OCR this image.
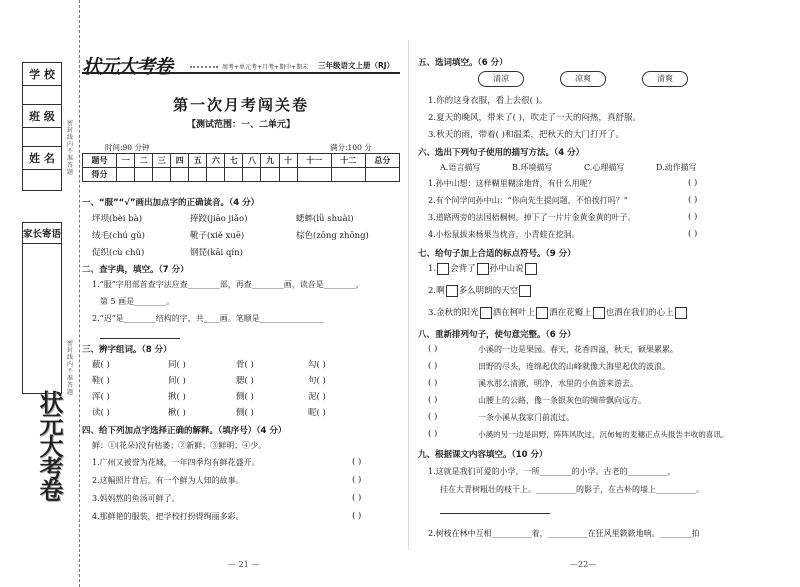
学 校
班 级
姓 名
家长寄语
密封线内不准答题
密封线内不准答题
状元大考卷
状元大考卷	周考+单元考+月考+期中+期末 三年级语文上册（RJ）
第一次月考闯关卷
【测试范围：一、二单元】
时间:90 分钟	满分:100 分
题号	一	二	三	四	五	六	七	八	九	十	十一	十二	总分
得分													
一、“服”“√”画出加点字的正确读音。（4 分）
坪坝(bèi bà)	捧跤(jiāo jiǎo)	蟋蟀(lǜ shuài)
绒毛(chú gǔ)	靴子(xiě xuē)	棕色(zōng zhōng)
促织(cù chǔ)	钢琵(kāi qín)
二、查字典，填空。（7 分）
1.“服”字用部首查字法应查________部，再查________画，读音是________，
第 5 画是________。
2.“迟”是________结构的字，共____画。笔顺是________________
三、辨字组词。（8 分）
蔽( )	同( )	骨( )	勾( )
鞋( )	间( )	腮( )	句( )
浑( )	揪( )	侧( )	泥( )
读( )	楸( )	侧( )	昵( )
四、给下列加点字选择正确的解释。（填序号）（4 分）
鲜：①(花朵)没有枯萎；②新鲜；③鲜明；④少。
1.广州又被誉为花城，一年四季均有鲜花盛开。	( )
2.这幅照片背后，有一个鲜为人知的故事。	( )
3.妈妈熬的鱼汤可鲜了。	( )
4.那鲜艳的服装，把学校打扮得绚丽多彩。	( )
— 21 —
五、选词填空。（6 分）
清凉	凉爽	清爽
1.你的这身衣服，看上去很( )。
2.夏天的晚风，带来了( )，吹走了一天的闷热，真舒服。
3.秋天的雨，带着( )和温柔，把秋天的大门打开了。
六、选出下列句子使用的描写方法。（4 分）
A.语言描写	B.环境描写	C.心理描写	D.动作描写
1.孙中山想：这样糊里糊涂地背，有什么用呢？	( )
2.有个同学问孙中山：“你向先生提问题，不怕挨打吗？”	( )
3.道路两旁的法国梧桐树，掉下了一片片金黄金黄的叶子。	( )
4.小松鼠拔来杨果当枕音，小青蛙在挖洞。	( )
七、给句子加上合适的标点符号。（9 分）
1. 会背了 孙中山说
2.啊 多么明朗的天空
3.金秋的阳光 洒在柯叶上 洒在花瓣上 也洒在我们的心上
八、重新排列句子，使句意完整。（6 分）
( )	小溪的一边是果园。春天，花香四溢，秋天，硕果累累。
( )	田野的尽头，连绵起伏的山峰就像大海里起伏的波浪。
( )	溪水那么清澈，明净，水里的小鱼游来游去。
( )	山腰上的公路，像一条银灰色的绸带飘向远方。
( )	一条小溪从我家门前流过。
( )	小溪的另一边是田野，阵阵风吹过，沉甸甸的麦穗正点头报告丰收的喜讯。
九、根据课文内容填空。（10 分）
1.这就是我们可爱的小学，一所________的小学。古老的__________，
挂在大青树粗壮的枝干上。__________的影子，在古朴的墙上__________。
2.树枝在林中互相__________着，__________在狂风里簌簌地响。________拍
—22—
